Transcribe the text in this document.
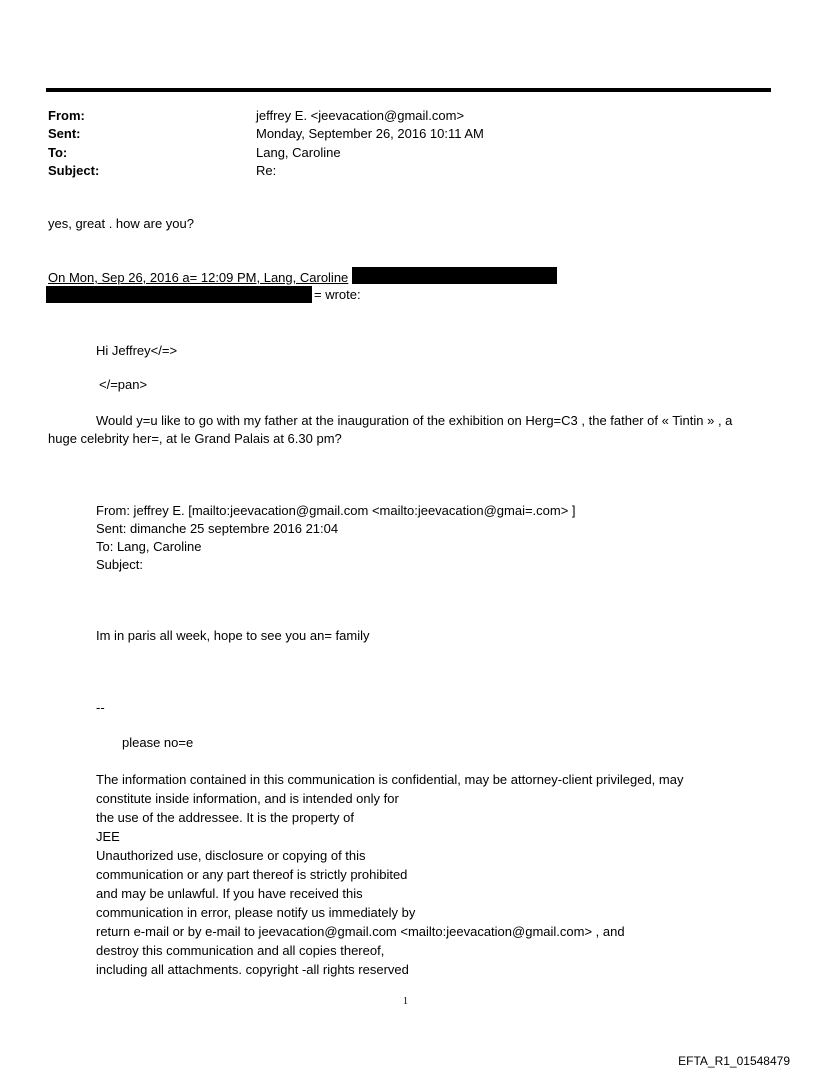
From:	jeffrey E. <jeevacation@gmail.com>
Sent:	Monday, September 26, 2016 10:11 AM
To:	Lang, Caroline
Subject:	Re:
yes, great . how are you?
On Mon, Sep 26, 2016 a= 12:09 PM, Lang, Caroline
= wrote:
Hi Jeffrey</=>
</=pan>
Would y=u like to go with my father at the inauguration of the exhibition on Herg=C3 , the father of « Tintin » , a
huge celebrity her=, at le Grand Palais at 6.30 pm?
From: jeffrey E. [mailto:jeevacation@gmail.com <mailto:jeevacation@gmai=.com> ]
Sent: dimanche 25 septembre 2016 21:04
To: Lang, Caroline
Subject:
Im in paris all week, hope to see you an= family
--
please no=e
The information contained in this communication is confidential, may be attorney-client privileged, may
constitute inside information, and is intended only for
the use of the addressee. It is the property of
JEE
Unauthorized use, disclosure or copying of this
communication or any part thereof is strictly prohibited
and may be unlawful. If you have received this
communication in error, please notify us immediately by
return e-mail or by e-mail to jeevacation@gmail.com <mailto:jeevacation@gmail.com> , and
destroy this communication and all copies thereof,
including all attachments. copyright -all rights reserved
1
EFTA_R1_01548479
